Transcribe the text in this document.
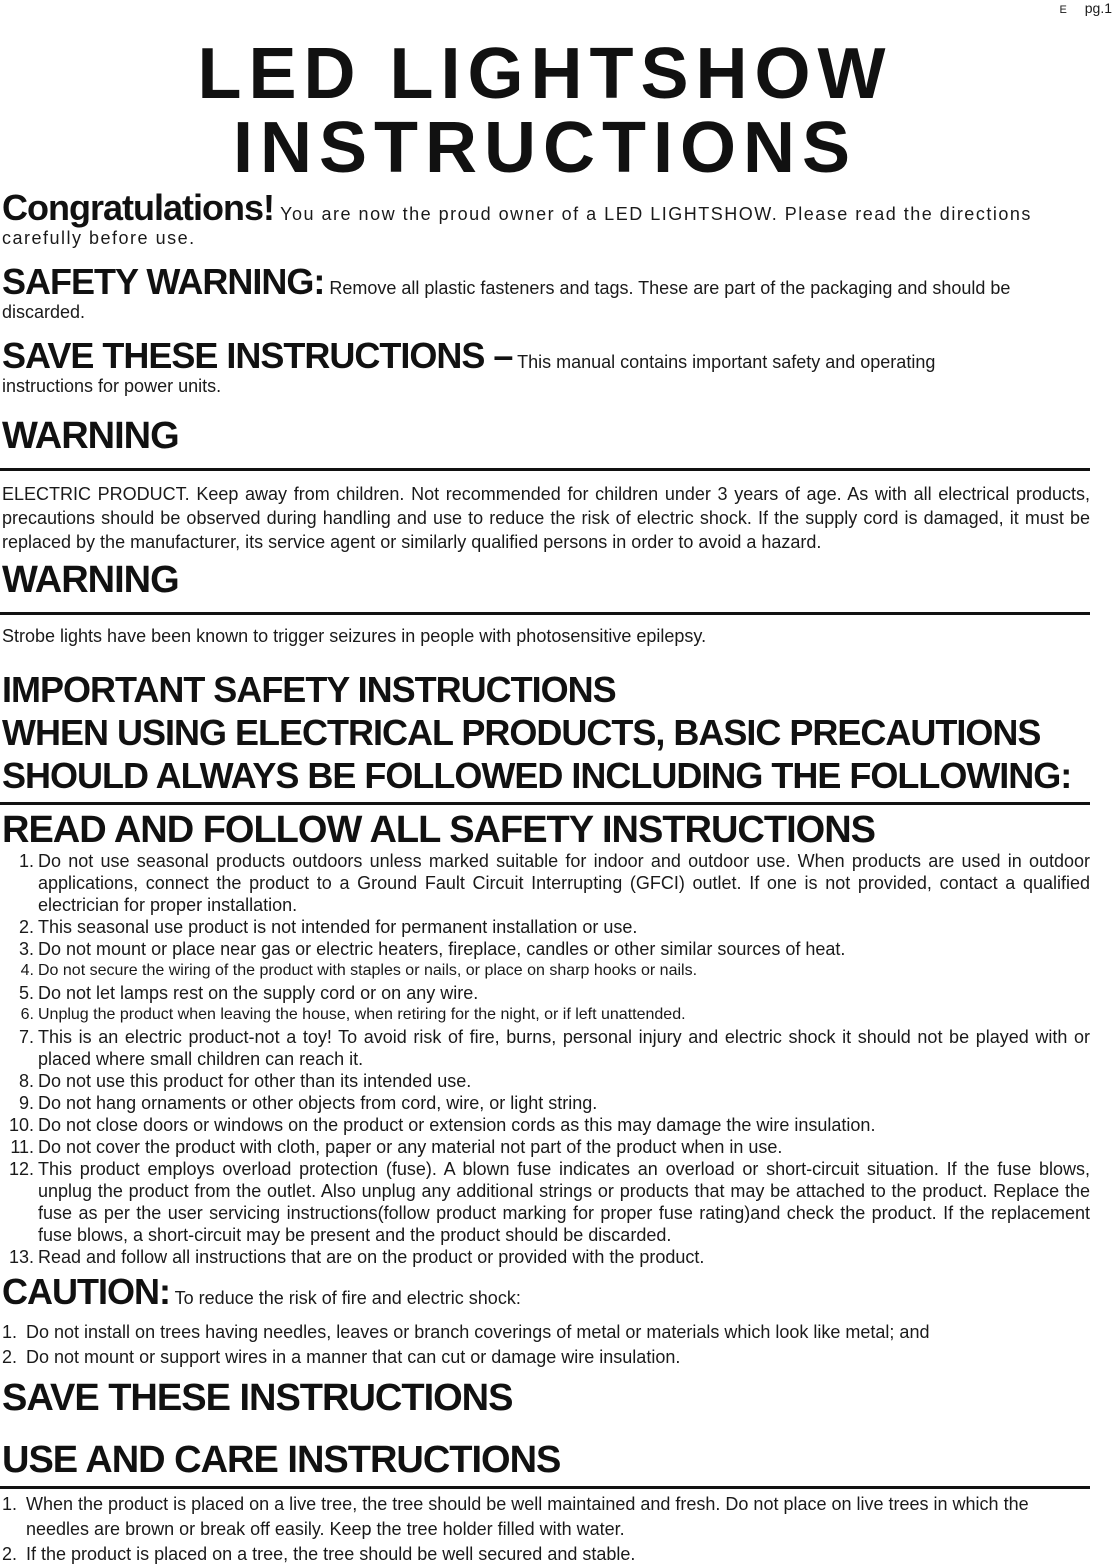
E pg.1
LED LIGHTSHOW
INSTRUCTIONS
Congratulations! You are now the proud owner of a LED LIGHTSHOW. Please read the directions carefully before use.
SAFETY WARNING: Remove all plastic fasteners and tags. These are part of the packaging and should be discarded.
SAVE THESE INSTRUCTIONS – This manual contains important safety and operating instructions for power units.
WARNING
ELECTRIC PRODUCT. Keep away from children. Not recommended for children under 3 years of age. As with all electrical products, precautions should be observed during handling and use to reduce the risk of electric shock. If the supply cord is damaged, it must be replaced by the manufacturer, its service agent or similarly qualified persons in order to avoid a hazard.
WARNING
Strobe lights have been known to trigger seizures in people with photosensitive epilepsy.
IMPORTANT SAFETY INSTRUCTIONS
WHEN USING ELECTRICAL PRODUCTS, BASIC PRECAUTIONS
SHOULD ALWAYS BE FOLLOWED INCLUDING THE FOLLOWING:
READ AND FOLLOW ALL SAFETY INSTRUCTIONS
1. Do not use seasonal products outdoors unless marked suitable for indoor and outdoor use. When products are used in outdoor applications, connect the product to a Ground Fault Circuit Interrupting (GFCI) outlet. If one is not provided, contact a qualified electrician for proper installation.
2. This seasonal use product is not intended for permanent installation or use.
3. Do not mount or place near gas or electric heaters, fireplace, candles or other similar sources of heat.
4. Do not secure the wiring of the product with staples or nails, or place on sharp hooks or nails.
5. Do not let lamps rest on the supply cord or on any wire.
6. Unplug the product when leaving the house, when retiring for the night, or if left unattended.
7. This is an electric product-not a toy! To avoid risk of fire, burns, personal injury and electric shock it should not be played with or placed where small children can reach it.
8. Do not use this product for other than its intended use.
9. Do not hang ornaments or other objects from cord, wire, or light string.
10. Do not close doors or windows on the product or extension cords as this may damage the wire insulation.
11. Do not cover the product with cloth, paper or any material not part of the product when in use.
12. This product employs overload protection (fuse). A blown fuse indicates an overload or short-circuit situation. If the fuse blows, unplug the product from the outlet. Also unplug any additional strings or products that may be attached to the product. Replace the fuse as per the user servicing instructions(follow product marking for proper fuse rating)and check the product. If the replacement fuse blows, a short-circuit may be present and the product should be discarded.
13. Read and follow all instructions that are on the product or provided with the product.
CAUTION: To reduce the risk of fire and electric shock:
1. Do not install on trees having needles, leaves or branch coverings of metal or materials which look like metal; and
2. Do not mount or support wires in a manner that can cut or damage wire insulation.
SAVE THESE INSTRUCTIONS
USE AND CARE INSTRUCTIONS
1. When the product is placed on a live tree, the tree should be well maintained and fresh. Do not place on live trees in which the needles are brown or break off easily. Keep the tree holder filled with water.
2. If the product is placed on a tree, the tree should be well secured and stable.
